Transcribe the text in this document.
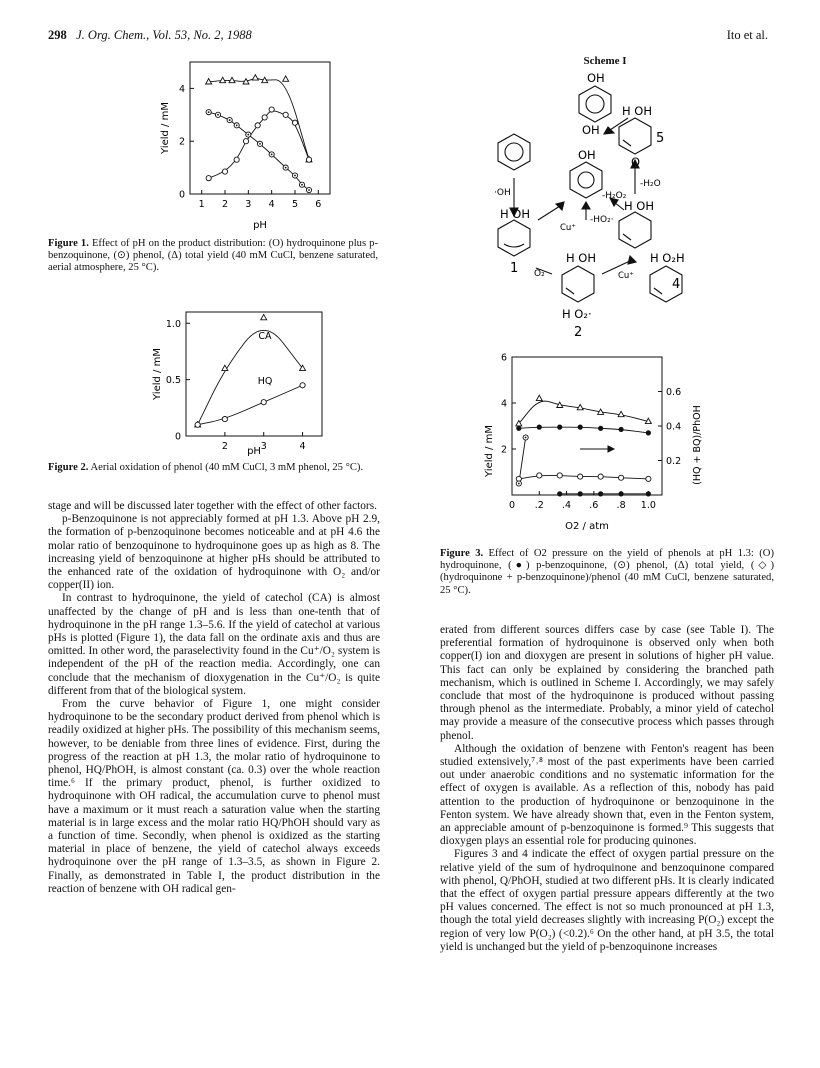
298 J. Org. Chem., Vol. 53, No. 2, 1988	Ito et al.
0
2
4
1 2 3 4 5 6
pH
Yield / mM
Figure 1. Effect of pH on the product distribution: (O) hydroquinone plus p-benzoquinone, (⊙) phenol, (Δ) total yield (40 mM CuCl, benzene saturated, aerial atmosphere, 25 °C).
0
0.5
1.0
2	3	4
CA
HQ
pH
Yield / mM
Figure 2. Aerial oxidation of phenol (40 mM CuCl, 3 mM phenol, 25 °C).

stage and will be discussed later together with the effect of other factors.

p-Benzoquinone is not appreciably formed at pH 1.3. Above pH 2.9, the formation of p-benzoquinone becomes noticeable and at pH 4.6 the molar ratio of benzoquinone to hydroquinone goes up as high as 8. The increasing yield of benzoquinone at higher pHs should be attributed to the enhanced rate of the oxidation of hydroquinone with O₂ and/or copper(II) ion.

In contrast to hydroquinone, the yield of catechol (CA) is almost unaffected by the change of pH and is less than one-tenth that of hydroquinone in the pH range 1.3–5.6. If the yield of catechol at various pHs is plotted (Figure 1), the data fall on the ordinate axis and thus are omitted. In other word, the paraselectivity found in the Cu⁺/O₂ system is independent of the pH of the reaction media. Accordingly, one can conclude that the mechanism of dioxygenation in the Cu⁺/O₂ is quite different from that of the biological system.

From the curve behavior of Figure 1, one might consider hydroquinone to be the secondary product derived from phenol which is readily oxidized at higher pHs. The possibility of this mechanism seems, however, to be deniable from three lines of evidence. First, during the progress of the reaction at pH 1.3, the molar ratio of hydroquinone to phenol, HQ/PhOH, is almost constant (ca. 0.3) over the whole reaction time.⁶ If the primary product, phenol, is further oxidized to hydroquinone with OH radical, the accumulation curve to phenol must have a maximum or it must reach a saturation value when the starting material is in large excess and the molar ratio HQ/PhOH should vary as a function of time. Secondly, when phenol is oxidized as the starting material in place of benzene, the yield of catechol always exceeds hydroquinone over the pH range of 1.3–3.5, as shown in Figure 2. Finally, as demonstrated in Table I, the product distribution in the reaction of benzene with OH radical gen-

Scheme I
OH
OH
H OH
O
5
·OH
OH
-H₂O₂
-H₂O
H OH
Cu⁺
H OH
-HO₂·
1 O₂
H OH
Cu⁺
H O₂H
4
H O₂·
2
2
4
6
0.2
0.4
0.6
0 .2 .4 .6 .8 1.0
O2 / atm
Yield / mM	(HQ + BQ)/PhOH
Figure 3. Effect of O2 pressure on the yield of phenols at pH 1.3: (O) hydroquinone, (●) p-benzoquinone, (⊙) phenol, (Δ) total yield, (◇) (hydroquinone + p-benzoquinone)/phenol (40 mM CuCl, benzene saturated, 25 °C).

erated from different sources differs case by case (see Table I). The preferential formation of hydroquinone is observed only when both copper(I) ion and dioxygen are present in solutions of higher pH value. This fact can only be explained by considering the branched path mechanism, which is outlined in Scheme I. Accordingly, we may safely conclude that most of the hydroquinone is produced without passing through phenol as the intermediate. Probably, a minor yield of catechol may provide a measure of the consecutive process which passes through phenol.

Although the oxidation of benzene with Fenton's reagent has been studied extensively,⁷˒⁸ most of the past experiments have been carried out under anaerobic conditions and no systematic information for the effect of oxygen is available. As a reflection of this, nobody has paid attention to the production of hydroquinone or benzoquinone in the Fenton system. We have already shown that, even in the Fenton system, an appreciable amount of p-benzoquinone is formed.⁹ This suggests that dioxygen plays an essential role for producing quinones.

Figures 3 and 4 indicate the effect of oxygen partial pressure on the relative yield of the sum of hydroquinone and benzoquinone compared with phenol, Q/PhOH, studied at two different pHs. It is clearly indicated that the effect of oxygen partial pressure appears differently at the two pH values concerned. The effect is not so much pronounced at pH 1.3, though the total yield decreases slightly with increasing P(O₂) except the region of very low P(O₂) (<0.2).⁶ On the other hand, at pH 3.5, the total yield is unchanged but the yield of p-benzoquinone increases
